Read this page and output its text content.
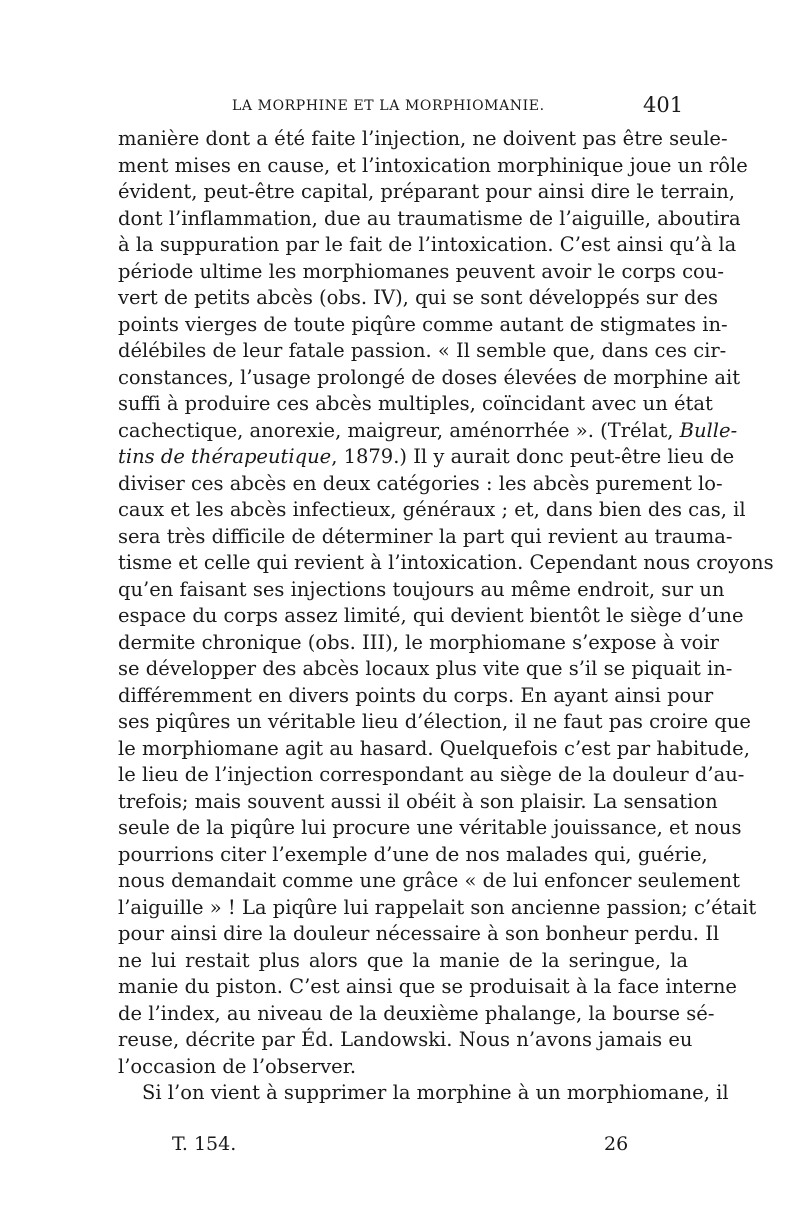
LA MORPHINE ET LA MORPHIOMANIE.	401
manière dont a été faite l’injection, ne doivent pas être seule-
ment mises en cause, et l’intoxication morphinique joue un rôle
évident, peut-être capital, préparant pour ainsi dire le terrain,
dont l’inflammation, due au traumatisme de l’aiguille, aboutira
à la suppuration par le fait de l’intoxication. C’est ainsi qu’à la
période ultime les morphiomanes peuvent avoir le corps cou-
vert de petits abcès (obs. IV), qui se sont développés sur des
points vierges de toute piqûre comme autant de stigmates in-
délébiles de leur fatale passion. « Il semble que, dans ces cir-
constances, l’usage prolongé de doses élevées de morphine ait
suffi à produire ces abcès multiples, coïncidant avec un état
cachectique, anorexie, maigreur, aménorrhée ». (Trélat, Bulle-
tins de thérapeutique, 1879.) Il y aurait donc peut-être lieu de
diviser ces abcès en deux catégories : les abcès purement lo-
caux et les abcès infectieux, généraux ; et, dans bien des cas, il
sera très difficile de déterminer la part qui revient au trauma-
tisme et celle qui revient à l’intoxication. Cependant nous croyons
qu’en faisant ses injections toujours au même endroit, sur un
espace du corps assez limité, qui devient bientôt le siège d’une
dermite chronique (obs. III), le morphiomane s’expose à voir
se développer des abcès locaux plus vite que s’il se piquait in-
différemment en divers points du corps. En ayant ainsi pour
ses piqûres un véritable lieu d’élection, il ne faut pas croire que
le morphiomane agit au hasard. Quelquefois c’est par habitude,
le lieu de l’injection correspondant au siège de la douleur d’au-
trefois; mais souvent aussi il obéit à son plaisir. La sensation
seule de la piqûre lui procure une véritable jouissance, et nous
pourrions citer l’exemple d’une de nos malades qui, guérie,
nous demandait comme une grâce « de lui enfoncer seulement
l’aiguille » ! La piqûre lui rappelait son ancienne passion; c’était
pour ainsi dire la douleur nécessaire à son bonheur perdu. Il
ne lui restait plus alors que la manie de la seringue, la
manie du piston. C’est ainsi que se produisait à la face interne
de l’index, au niveau de la deuxième phalange, la bourse sé-
reuse, décrite par Éd. Landowski. Nous n’avons jamais eu
l’occasion de l’observer.
Si l’on vient à supprimer la morphine à un morphiomane, il
T. 154.	26
